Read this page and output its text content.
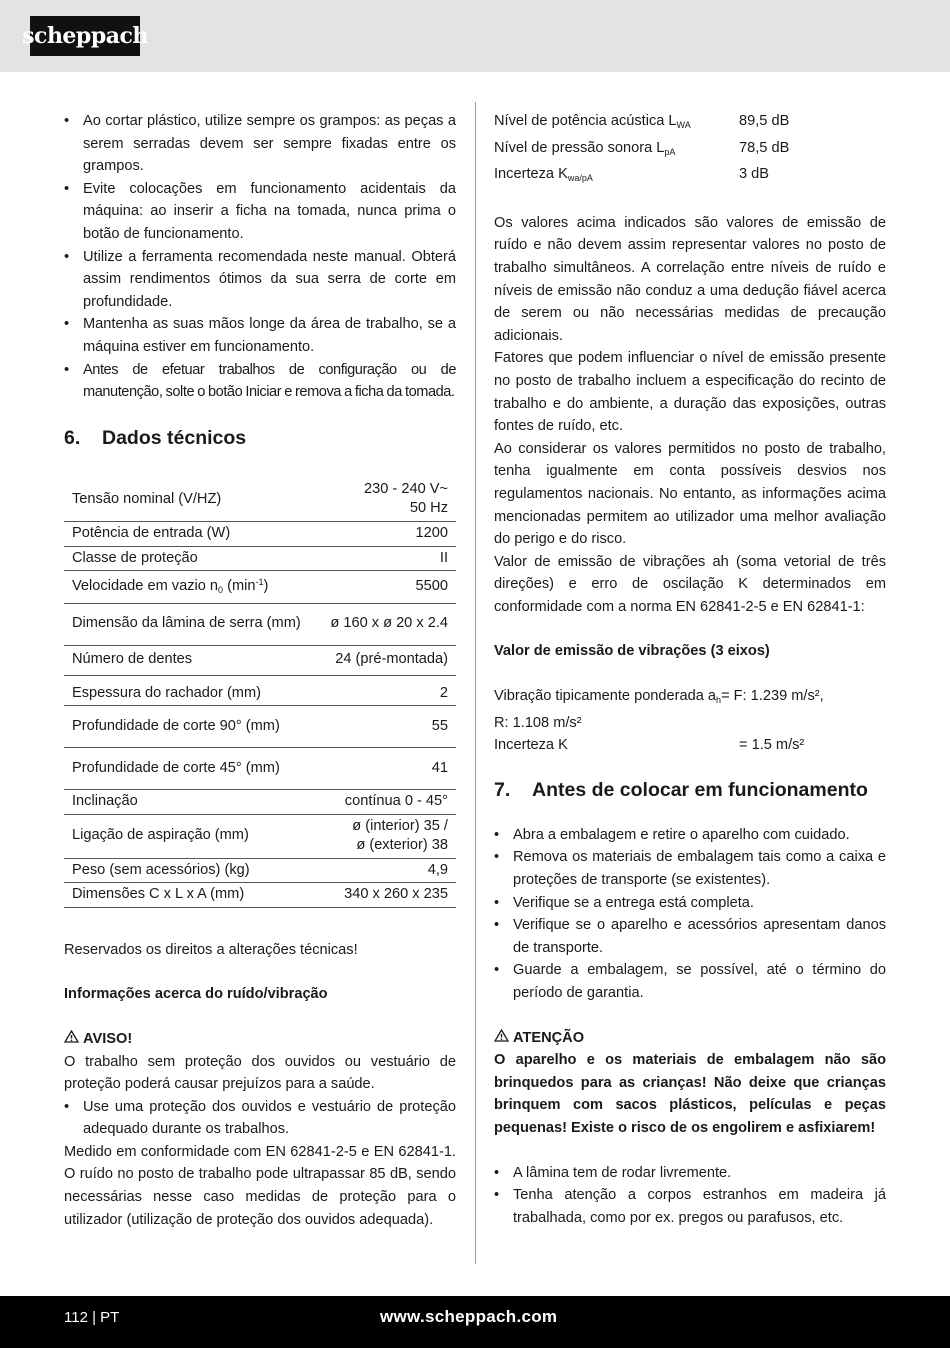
scheppach
• Ao cortar plástico, utilize sempre os grampos: as peças a serem serradas devem ser sempre fixadas entre os grampos.
• Evite colocações em funcionamento acidentais da máquina: ao inserir a ficha na tomada, nunca prima o botão de funcionamento.
• Utilize a ferramenta recomendada neste manual. Obterá assim rendimentos ótimos da sua serra de corte em profundidade.
• Mantenha as suas mãos longe da área de trabalho, se a máquina estiver em funcionamento.
• Antes de efetuar trabalhos de configuração ou de manutenção, solte o botão Iniciar e remova a ficha da tomada.
6.	Dados técnicos
Tensão nominal (V/HZ)	230 - 240 V~
50 Hz
Potência de entrada (W)	1200
Classe de proteção	II
Velocidade em vazio $n_0$ $(\min^{-1})$	5500
Dimensão da lâmina de serra (mm)	ø 160 x ø 20 x 2.4
Número de dentes	24 (pré-montada)
Espessura do rachador (mm)	2
Profundidade de corte 90° (mm)	55
Profundidade de corte 45° (mm)	41
Inclinação	contínua 0 - 45°
Ligação de aspiração (mm)	ø (interior) 35 /
ø (exterior) 38
Peso (sem acessórios) (kg)	4,9
Dimensões C x L x A (mm)	340 x 260 x 235

Reservados os direitos a alterações técnicas!

Informações acerca do ruído/vibração

AVISO!

O trabalho sem proteção dos ouvidos ou vestuário de proteção poderá causar prejuízos para a saúde.

• Use uma proteção dos ouvidos e vestuário de proteção adequado durante os trabalhos.

Medido em conformidade com EN 62841-2-5 e EN 62841-1. O ruído no posto de trabalho pode ultrapassar 85 dB, sendo necessárias nesse caso medidas de proteção para o utilizador (utilização de proteção dos ouvidos adequada).

Nível de potência acústica $L_{WA}$	89,5 dB
Nível de pressão sonora $L_{pA}$	78,5 dB
Incerteza $K_{wa/pA}$	3 dB

Os valores acima indicados são valores de emissão de ruído e não devem assim representar valores no posto de trabalho simultâneos. A correlação entre níveis de ruído e níveis de emissão não conduz a uma dedução fiável acerca de serem ou não necessárias medidas de precaução adicionais.

Fatores que podem influenciar o nível de emissão presente no posto de trabalho incluem a especificação do recinto de trabalho e do ambiente, a duração das exposições, outras fontes de ruído, etc.

Ao considerar os valores permitidos no posto de trabalho, tenha igualmente em conta possíveis desvios nos regulamentos nacionais. No entanto, as informações acima mencionadas permitem ao utilizador uma melhor avaliação do perigo e do risco.

Valor de emissão de vibrações ah (soma vetorial de três direções) e erro de oscilação K determinados em conformidade com a norma EN 62841-2-5 e EN 62841-1:

Valor de emissão de vibrações (3 eixos)

Vibração tipicamente ponderada $a_h= F$: 1.239 m/s²,

R: 1.108 m/s²

Incerteza K	= 1.5 m/s²
7.	Antes de colocar em funcionamento
• Abra a embalagem e retire o aparelho com cuidado.
• Remova os materiais de embalagem tais como a caixa e proteções de transporte (se existentes).
• Verifique se a entrega está completa.
• Verifique se o aparelho e acessórios apresentam danos de transporte.
• Guarde a embalagem, se possível, até o término do período de garantia.

ATENÇÃO

O aparelho e os materiais de embalagem não são brinquedos para as crianças! Não deixe que crianças brinquem com sacos plásticos, películas e peças pequenas! Existe o risco de os engolirem e asfixiarem!

• A lâmina tem de rodar livremente.
• Tenha atenção a corpos estranhos em madeira já trabalhada, como por ex. pregos ou parafusos, etc.
112 | PT	www.scheppach.com
